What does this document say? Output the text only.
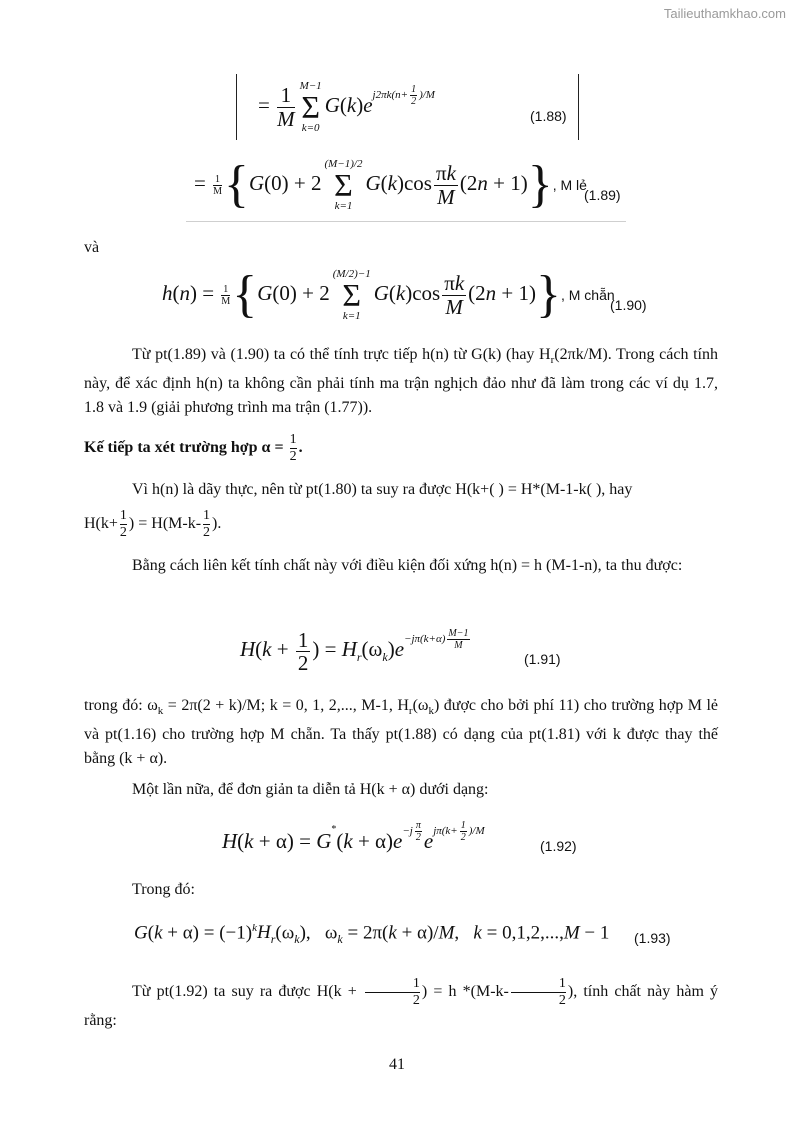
Tailieuthamkhao.com
= $\frac{1}{M} M-1$
Σ
k=0
$G(k)e^{j2\pi k(n+ \frac{1}{2} )/M}$
(1.88)
= $\frac{1}{M} \{G(0) + 2$
(M−1)/2
Σ
k=1
$G(k)\cos \frac{\pi k}{M} (2n + 1)$}, M lẻ
(1.89)
và
$h(n) = \frac{1}{M} \{G(0) + 2$
(M/2)−1
Σ
k=1
$G(k)\cos \frac{\pi k}{M} (2n + 1)$}, M chẵn
(1.90)
Từ pt(1.89) và (1.90) ta có thể tính trực tiếp h(n) từ G(k) (hay $H_r(2\pi k/M)$. Trong cách tính này, để xác định h(n) ta không cần phải tính ma trận nghịch đảo như đã làm trong các ví dụ 1.7, 1.8 và 1.9 (giải phương trình ma trận (1.77)).
Kế tiếp ta xét trường hợp $\alpha = \frac{1}{2}$ .
Vì h(n) là dãy thực, nên từ pt(1.80) ta suy ra được H(k+( ) = H*(M-1-k( ), hay
$H(k+ \frac{1}{2}$ ) = $H(M-k- \frac{1}{2}$ ).
Bằng cách liên kết tính chất này với điều kiện đối xứng h(n) = h (M-1-n), ta thu được:
$H(k + \frac{1}{2}$ ) = $H_r(\omega_k)e^{-j\pi(k+\alpha) \frac{M-1}{M}}$
(1.91)
trong đó: $\omega_k = 2\pi(2 + k)/M$; k = 0, 1, 2,..., M-1, $H_r(\omega_k)$ được cho bởi phí 11) cho trường hợp M lẻ và pt(1.16) cho trường hợp M chẵn. Ta thấy pt(1.88) có dạng của pt(1.81) với k được thay thế bằng (k + α).
Một lần nữa, để đơn giản ta diễn tả H(k + α) dưới dạng:
$H(k + \alpha) = G^*(k + \alpha)e^{-j \frac{\pi}{2}}$ $e^{j\pi(k+ \frac{1}{2} )/M}$
(1.92)
Trong đó:
$G(k + \alpha) = (-1)^kH_r(\omega_k)$,   $\omega_k = 2\pi(k + \alpha)/M$,   k = 0,1,2,...,M − 1 (1.93)
Từ pt(1.92) ta suy ra được $H(k + \frac{1}{2}$ ) = h $*(M-k- \frac{1}{2}$ ), tính chất này hàm ý rằng:
41
